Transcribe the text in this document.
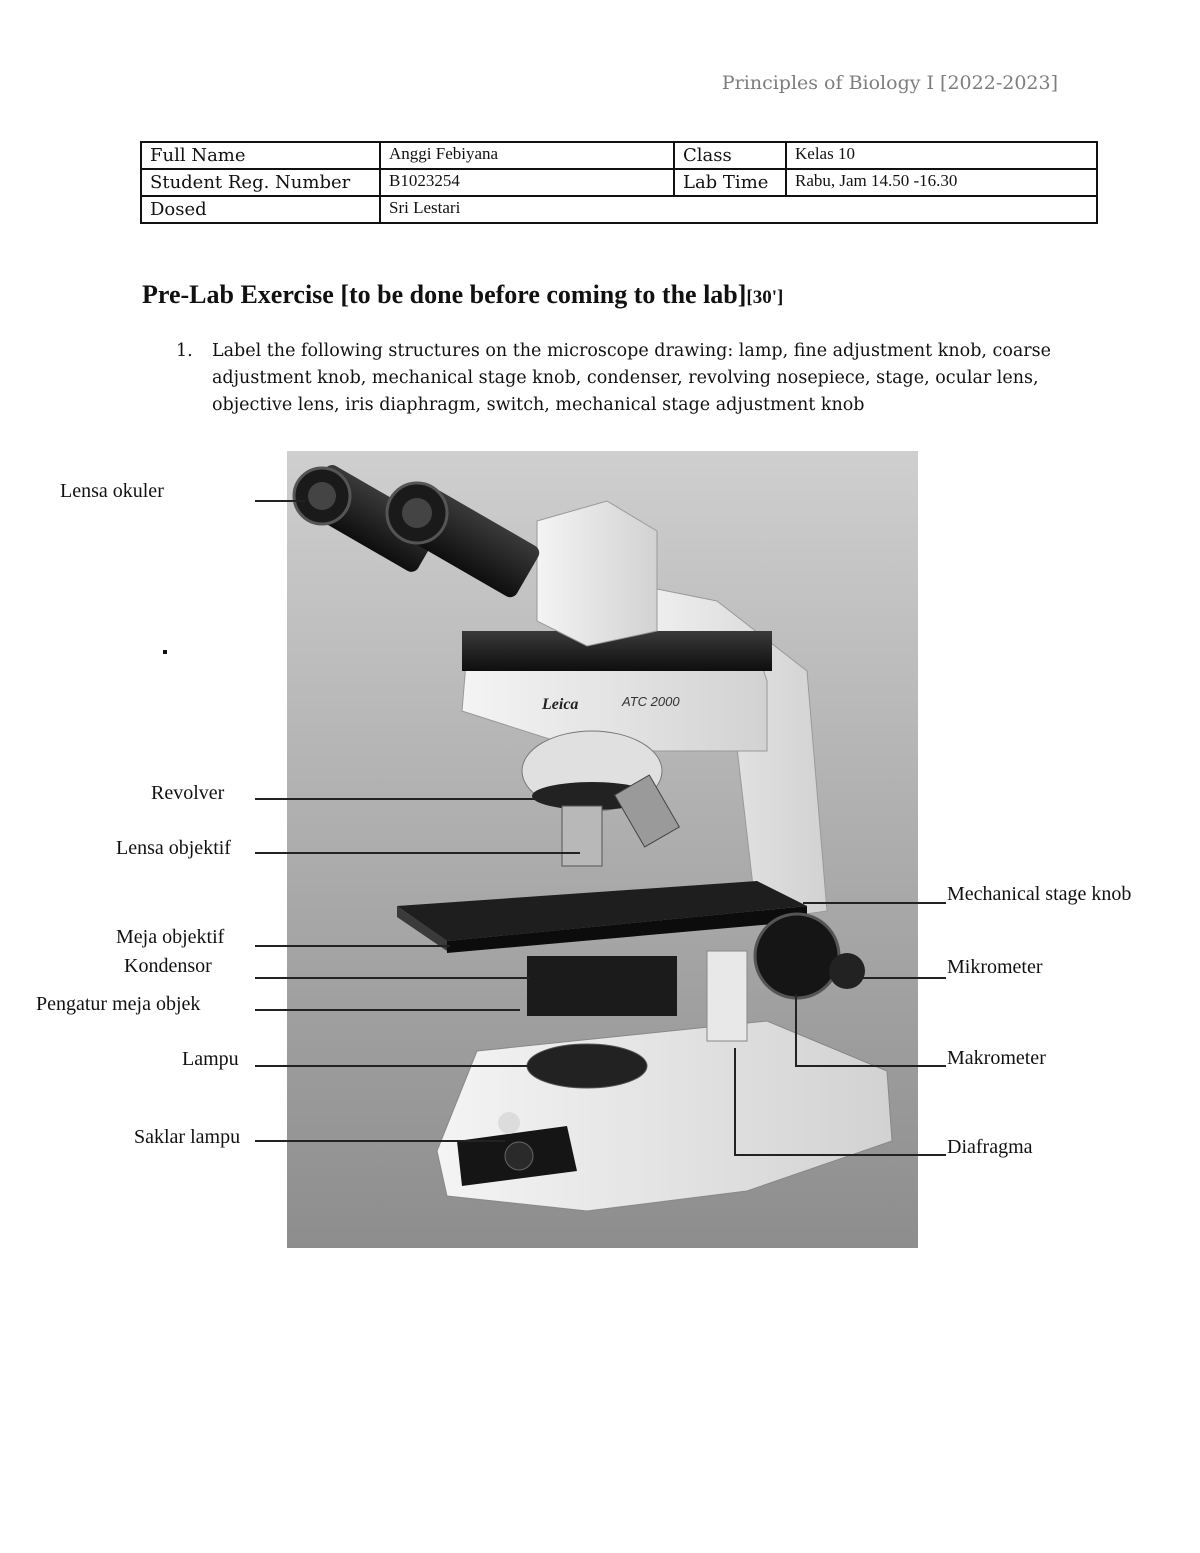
Principles of Biology I [2022-2023]
Full Name	Anggi Febiyana	Class	Kelas 10
Student Reg. Number	B1023254	Lab Time	Rabu, Jam 14.50 -16.30
Dosed	Sri Lestari		
Pre-Lab Exercise [to be done before coming to the lab][30']
1.	Label the following structures on the microscope drawing: lamp, fine adjustment knob, coarse adjustment knob, mechanical stage knob, condenser, revolving nosepiece, stage, ocular lens, objective lens, iris diaphragm, switch, mechanical stage adjustment knob
Leica	ATC 2000
Lensa okuler
Revolver
Lensa objektif
Meja objektif
Kondensor
Pengatur meja objek
Lampu
Saklar lampu
Mechanical stage knob
Mikrometer
Makrometer
Diafragma
